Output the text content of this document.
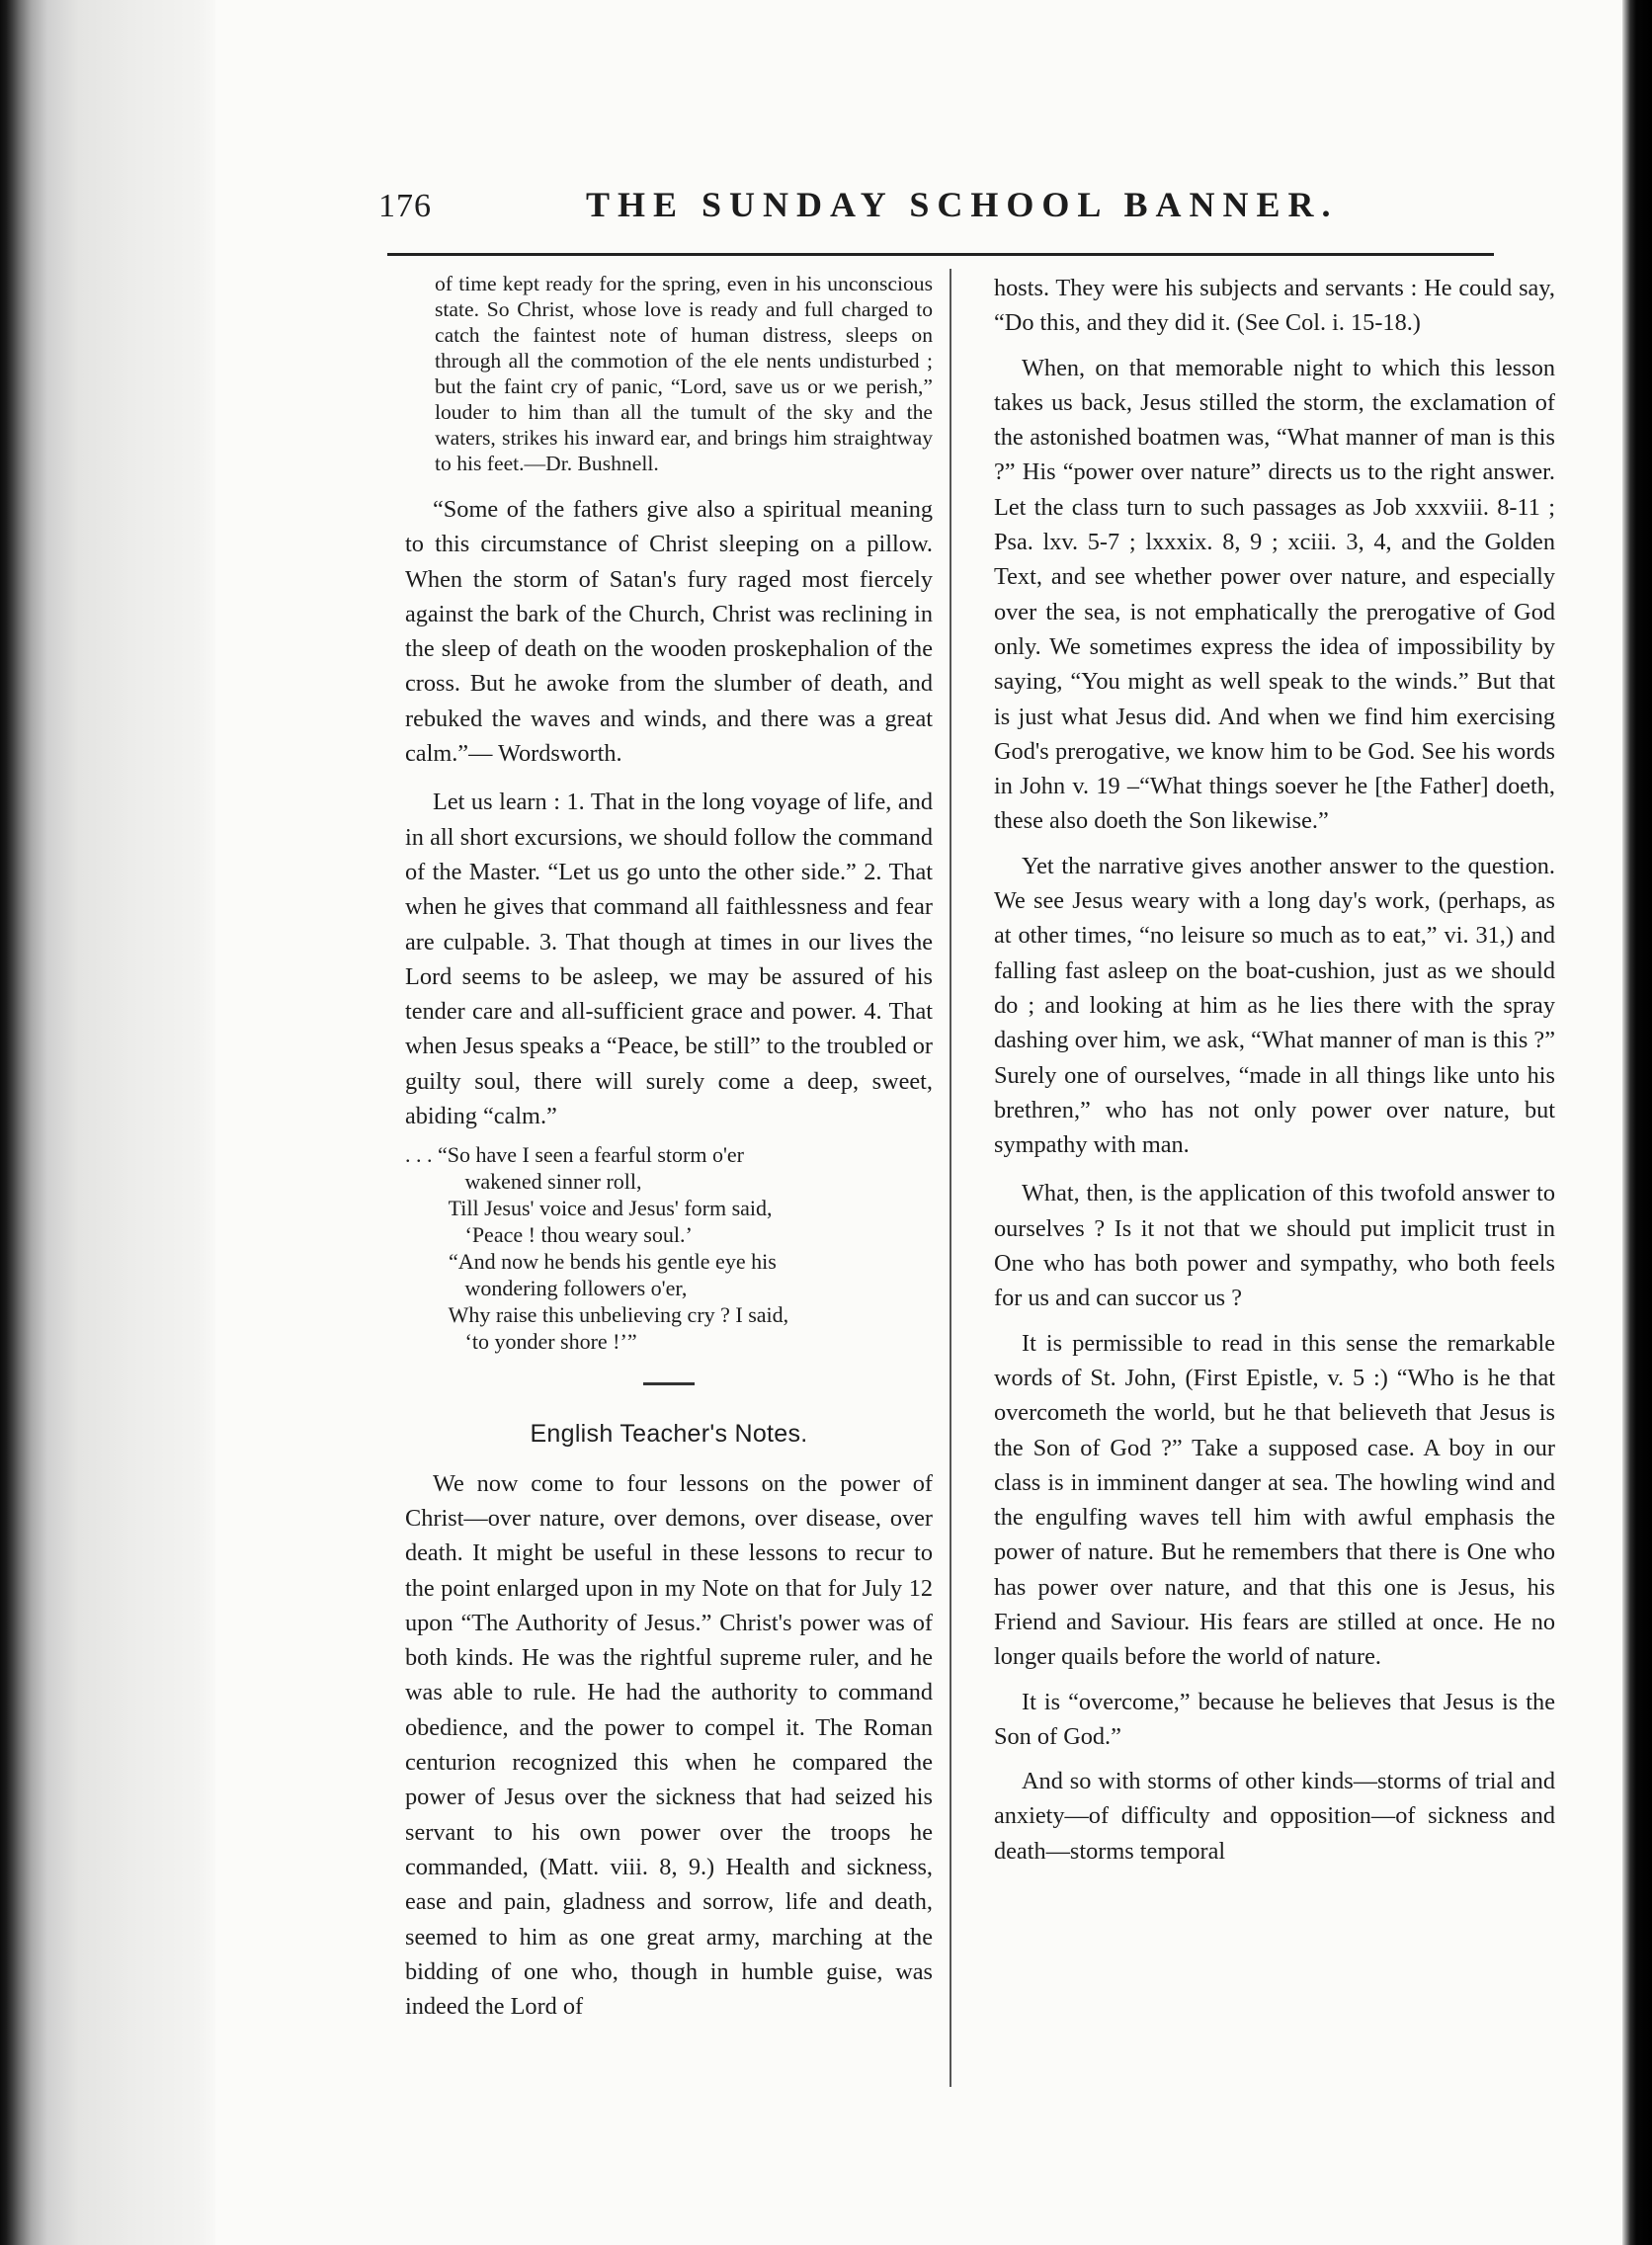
176	THE SUNDAY SCHOOL BANNER.

of time kept ready for the spring, even in his unconscious state. So Christ, whose love is ready and full charged to catch the faintest note of human distress, sleeps on through all the commotion of the ele nents undisturbed ; but the faint cry of panic, “Lord, save us or we perish,” louder to him than all the tumult of the sky and the waters, strikes his inward ear, and brings him straightway to his feet.—Dr. Bushnell.

“Some of the fathers give also a spiritual meaning to this circumstance of Christ sleeping on a pillow. When the storm of Satan's fury raged most fiercely against the bark of the Church, Christ was reclining in the sleep of death on the wooden proskephalion of the cross. But he awoke from the slumber of death, and rebuked the waves and winds, and there was a great calm.”— Wordsworth.

Let us learn : 1. That in the long voyage of life, and in all short excursions, we should follow the command of the Master. “Let us go unto the other side.” 2. That when he gives that command all faithlessness and fear are culpable. 3. That though at times in our lives the Lord seems to be asleep, we may be assured of his tender care and all-sufficient grace and power. 4. That when Jesus speaks a “Peace, be still” to the troubled or guilty soul, there will surely come a deep, sweet, abiding “calm.”

. . . “So have I seen a fearful storm o'er
wakened sinner roll,
Till Jesus' voice and Jesus' form said,
‘Peace ! thou weary soul.’
“And now he bends his gentle eye his
wondering followers o'er,
Why raise this unbelieving cry ? I said,
‘to yonder shore !’”

English Teacher's Notes.

We now come to four lessons on the power of Christ—over nature, over demons, over disease, over death. It might be useful in these lessons to recur to the point enlarged upon in my Note on that for July 12 upon “The Authority of Jesus.” Christ's power was of both kinds. He was the rightful supreme ruler, and he was able to rule. He had the authority to command obedience, and the power to compel it. The Roman centurion recognized this when he compared the power of Jesus over the sickness that had seized his servant to his own power over the troops he commanded, (Matt. viii. 8, 9.) Health and sickness, ease and pain, gladness and sorrow, life and death, seemed to him as one great army, marching at the bidding of one who, though in humble guise, was indeed the Lord of

hosts. They were his subjects and servants : He could say, “Do this, and they did it. (See Col. i. 15-18.)

When, on that memorable night to which this lesson takes us back, Jesus stilled the storm, the exclamation of the astonished boatmen was, “What manner of man is this ?” His “power over nature” directs us to the right answer. Let the class turn to such passages as Job xxxviii. 8-11 ; Psa. lxv. 5-7 ; lxxxix. 8, 9 ; xciii. 3, 4, and the Golden Text, and see whether power over nature, and especially over the sea, is not emphatically the prerogative of God only. We sometimes express the idea of impossibility by saying, “You might as well speak to the winds.” But that is just what Jesus did. And when we find him exercising God's prerogative, we know him to be God. See his words in John v. 19 –“What things soever he [the Father] doeth, these also doeth the Son likewise.”

Yet the narrative gives another answer to the question. We see Jesus weary with a long day's work, (perhaps, as at other times, “no leisure so much as to eat,” vi. 31,) and falling fast asleep on the boat-cushion, just as we should do ; and looking at him as he lies there with the spray dashing over him, we ask, “What manner of man is this ?” Surely one of ourselves, “made in all things like unto his brethren,” who has not only power over nature, but sympathy with man.

What, then, is the application of this twofold answer to ourselves ? Is it not that we should put implicit trust in One who has both power and sympathy, who both feels for us and can succor us ?

It is permissible to read in this sense the remarkable words of St. John, (First Epistle, v. 5 :) “Who is he that overcometh the world, but he that believeth that Jesus is the Son of God ?” Take a supposed case. A boy in our class is in imminent danger at sea. The howling wind and the engulfing waves tell him with awful emphasis the power of nature. But he remembers that there is One who has power over nature, and that this one is Jesus, his Friend and Saviour. His fears are stilled at once. He no longer quails before the world of nature.

It is “overcome,” because he believes that Jesus is the Son of God.”

And so with storms of other kinds—storms of trial and anxiety—of difficulty and opposition—of sickness and death—storms temporal
